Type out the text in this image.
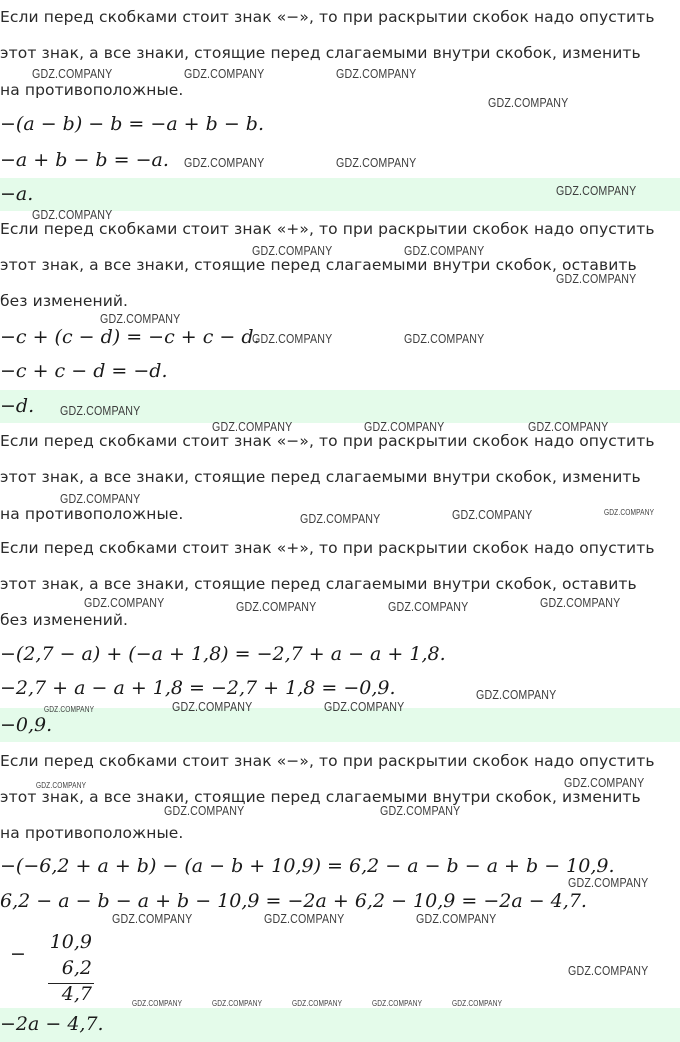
Если перед скобками стоит знак «−», то при раскрытии скобок надо опустить
этот знак, а все знаки, стоящие перед слагаемыми внутри скобок, изменить
на противоположные.
−(a − b) − b = −a + b − b.
−a + b − b = −a.
−a.
Если перед скобками стоит знак «+», то при раскрытии скобок надо опустить
этот знак, а все знаки, стоящие перед слагаемыми внутри скобок, оставить
без изменений.
−c + (c − d) = −c + c − d.
−c + c − d = −d.
−d.
Если перед скобками стоит знак «−», то при раскрытии скобок надо опустить
этот знак, а все знаки, стоящие перед слагаемыми внутри скобок, изменить
на противоположные.
Если перед скобками стоит знак «+», то при раскрытии скобок надо опустить
этот знак, а все знаки, стоящие перед слагаемыми внутри скобок, оставить
без изменений.
−(2,7 − a) + (−a + 1,8) = −2,7 + a − a + 1,8.
−2,7 + a − a + 1,8 = −2,7 + 1,8 = −0,9.
−0,9.
Если перед скобками стоит знак «−», то при раскрытии скобок надо опустить
этот знак, а все знаки, стоящие перед слагаемыми внутри скобок, изменить
на противоположные.
−(−6,2 + a + b) − (a − b + 10,9) = 6,2 − a − b − a + b − 10,9.
6,2 − a − b − a + b − 10,9 = −2a + 6,2 − 10,9 = −2a − 4,7.
−
10,9
6,2
4,7
−2a − 4,7.
GDZ.COMPANY	GDZ.COMPANY	GDZ.COMPANY
GDZ.COMPANY
GDZ.COMPANY	GDZ.COMPANY
GDZ.COMPANY
GDZ.COMPANY
GDZ.COMPANY	GDZ.COMPANY
GDZ.COMPANY
GDZ.COMPANY
GDZ.COMPANY	GDZ.COMPANY
GDZ.COMPANY
GDZ.COMPANY	GDZ.COMPANY	GDZ.COMPANY
GDZ.COMPANY
GDZ.COMPANY	GDZ.COMPANY	GDZ.COMPANY
GDZ.COMPANY	GDZ.COMPANY	GDZ.COMPANY	GDZ.COMPANY
GDZ.COMPANY
GDZ.COMPANY	GDZ.COMPANY	GDZ.COMPANY
GDZ.COMPANY	GDZ.COMPANY
GDZ.COMPANY	GDZ.COMPANY
GDZ.COMPANY
GDZ.COMPANY	GDZ.COMPANY	GDZ.COMPANY
GDZ.COMPANY
GDZ.COMPANY	GDZ.COMPANY	GDZ.COMPANY	GDZ.COMPANY	GDZ.COMPANY
